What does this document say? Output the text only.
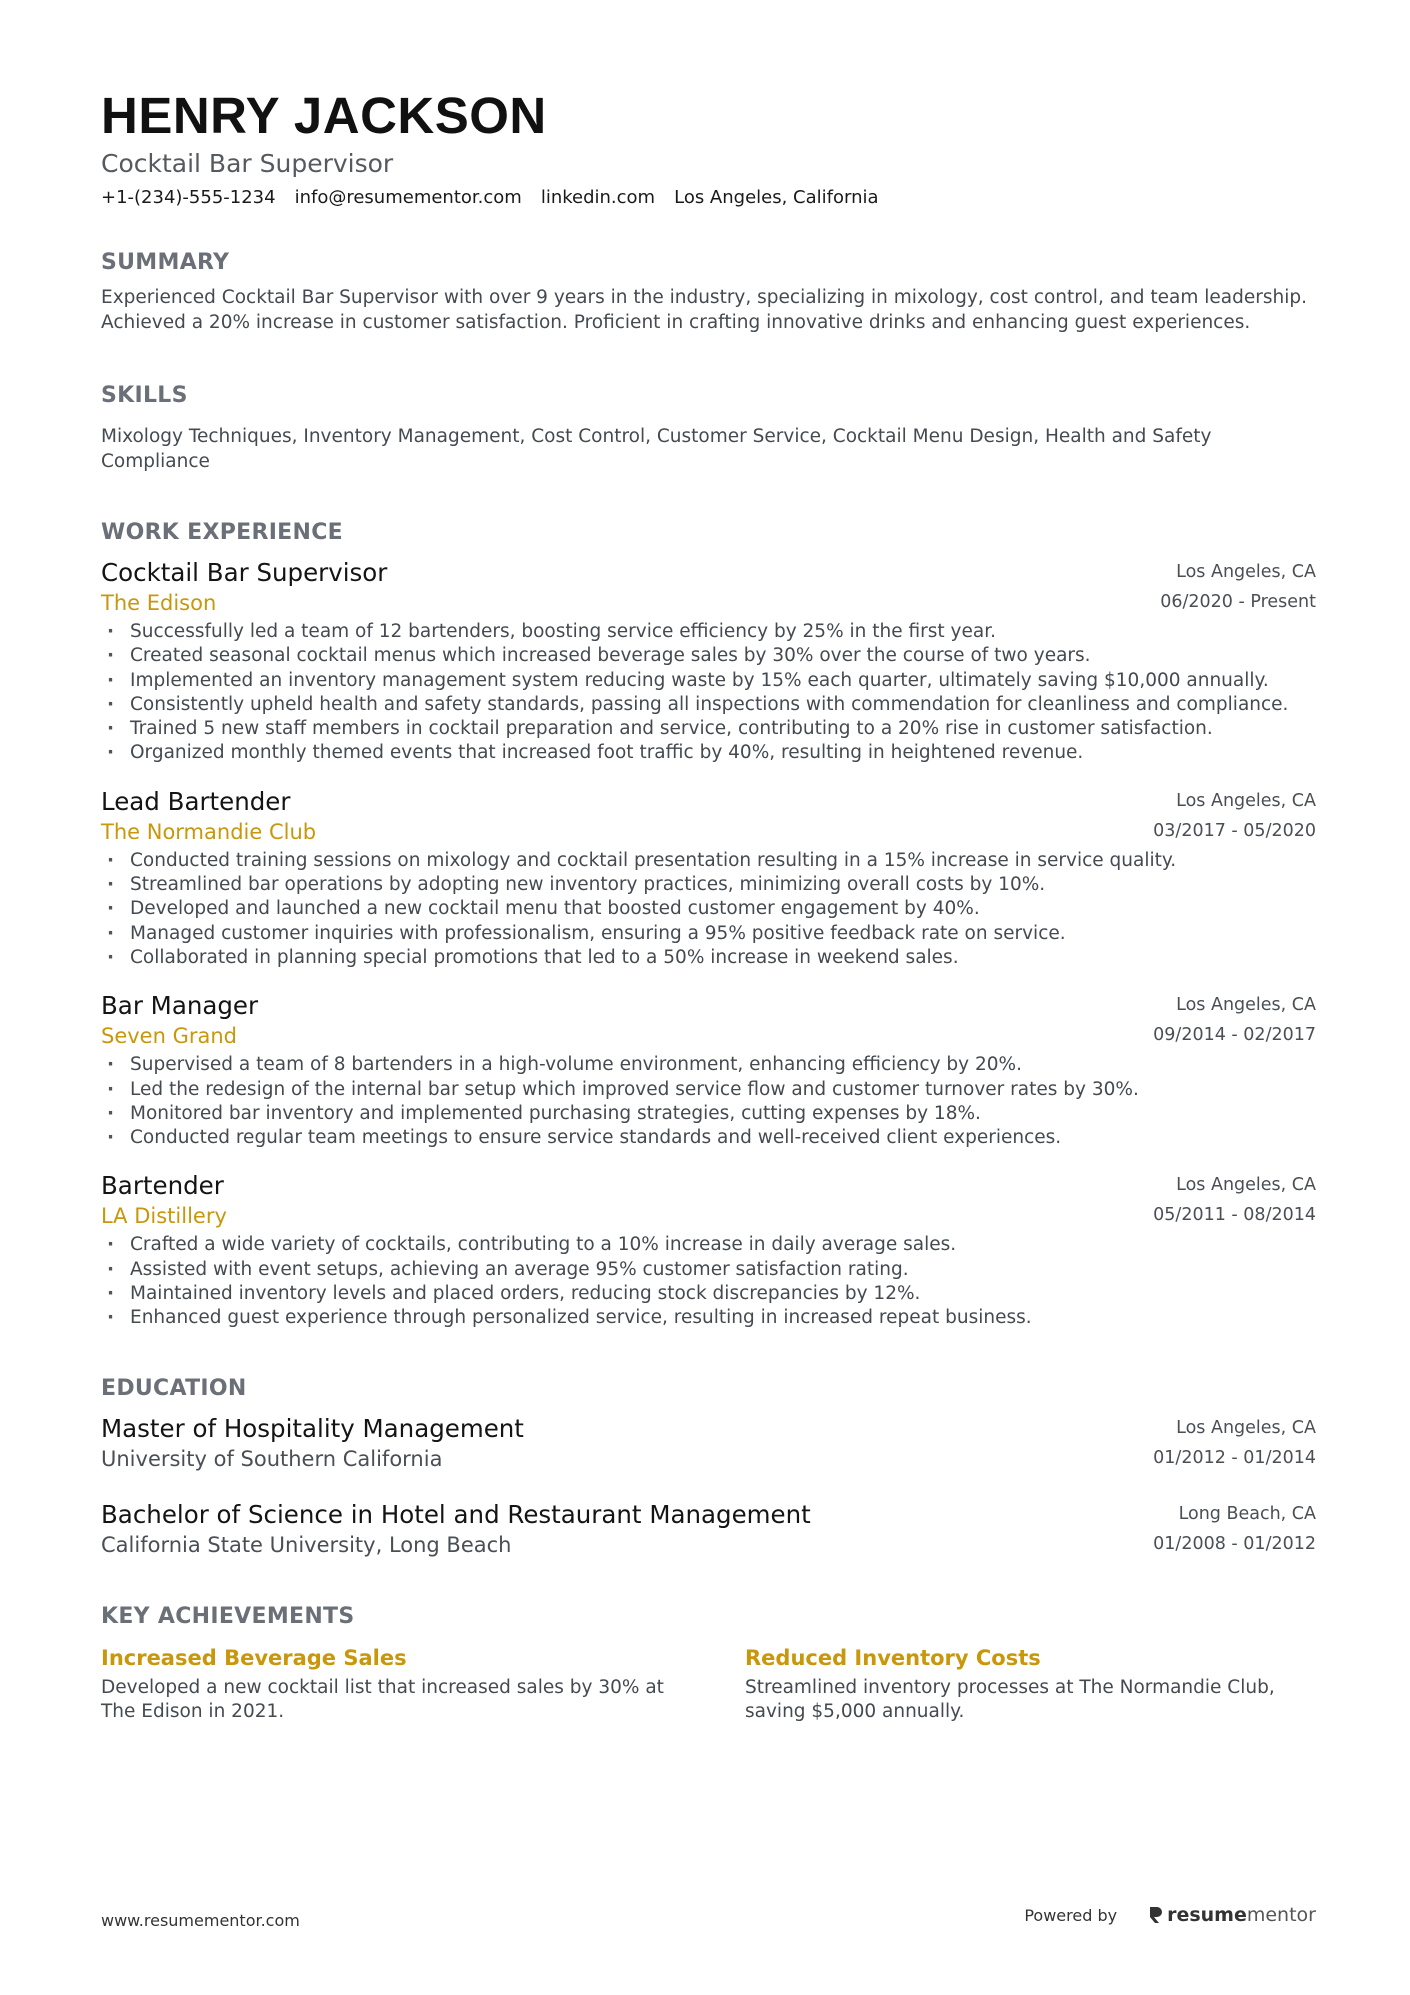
HENRY JACKSON
Cocktail Bar Supervisor
+1-(234)-555-1234 info@resumementor.com linkedin.com Los Angeles, California
SUMMARY
Experienced Cocktail Bar Supervisor with over 9 years in the industry, specializing in mixology, cost control, and team leadership. Achieved a 20% increase in customer satisfaction. Proficient in crafting innovative drinks and enhancing guest experiences.
SKILLS
Mixology Techniques, Inventory Management, Cost Control, Customer Service, Cocktail Menu Design, Health and Safety Compliance
WORK EXPERIENCE
Cocktail Bar Supervisor
The Edison
Los Angeles, CA
06/2020 - Present
· Successfully led a team of 12 bartenders, boosting service efficiency by 25% in the first year.
· Created seasonal cocktail menus which increased beverage sales by 30% over the course of two years.
· Implemented an inventory management system reducing waste by 15% each quarter, ultimately saving $10,000 annually.
· Consistently upheld health and safety standards, passing all inspections with commendation for cleanliness and compliance.
· Trained 5 new staff members in cocktail preparation and service, contributing to a 20% rise in customer satisfaction.
· Organized monthly themed events that increased foot traffic by 40%, resulting in heightened revenue.
Lead Bartender
The Normandie Club
Los Angeles, CA
03/2017 - 05/2020
· Conducted training sessions on mixology and cocktail presentation resulting in a 15% increase in service quality.
· Streamlined bar operations by adopting new inventory practices, minimizing overall costs by 10%.
· Developed and launched a new cocktail menu that boosted customer engagement by 40%.
· Managed customer inquiries with professionalism, ensuring a 95% positive feedback rate on service.
· Collaborated in planning special promotions that led to a 50% increase in weekend sales.
Bar Manager
Seven Grand
Los Angeles, CA
09/2014 - 02/2017
· Supervised a team of 8 bartenders in a high-volume environment, enhancing efficiency by 20%.
· Led the redesign of the internal bar setup which improved service flow and customer turnover rates by 30%.
· Monitored bar inventory and implemented purchasing strategies, cutting expenses by 18%.
· Conducted regular team meetings to ensure service standards and well-received client experiences.
Bartender
LA Distillery
Los Angeles, CA
05/2011 - 08/2014
· Crafted a wide variety of cocktails, contributing to a 10% increase in daily average sales.
· Assisted with event setups, achieving an average 95% customer satisfaction rating.
· Maintained inventory levels and placed orders, reducing stock discrepancies by 12%.
· Enhanced guest experience through personalized service, resulting in increased repeat business.
EDUCATION
Master of Hospitality Management
University of Southern California
Los Angeles, CA
01/2012 - 01/2014
Bachelor of Science in Hotel and Restaurant Management
California State University, Long Beach
Long Beach, CA
01/2008 - 01/2012
KEY ACHIEVEMENTS
Increased Beverage Sales
Developed a new cocktail list that increased sales by 30% at The Edison in 2021.
Reduced Inventory Costs
Streamlined inventory processes at The Normandie Club, saving $5,000 annually.
www.resumementor.com	Powered by	resume mentor
